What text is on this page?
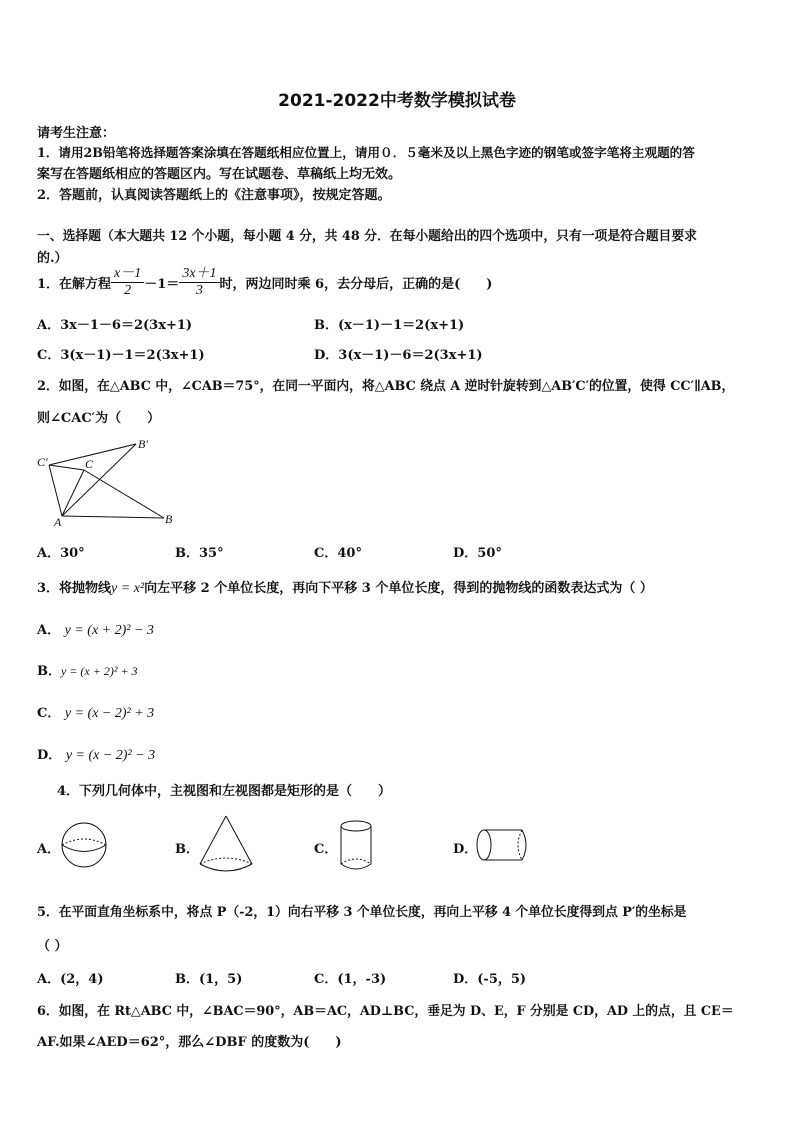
2021-2022中考数学模拟试卷
请考生注意：
1．请用2B铅笔将选择题答案涂填在答题纸相应位置上，请用０．５毫米及以上黑色字迹的钢笔或签字笔将主观题的答
案写在答题纸相应的答题区内。写在试题卷、草稿纸上均无效。
2．答题前，认真阅读答题纸上的《注意事项》，按规定答题。
一、选择题（本大题共 12 个小题，每小题 4 分，共 48 分．在每小题给出的四个选项中，只有一项是符合题目要求
的.）
1．在解方程 $\frac{x-1}{2} -1= \frac{3x+1}{3}$ 时，两边同时乘 6，去分母后，正确的是(　　)
A．3x－1－6＝2(3x+1)	B．(x－1)－1＝2(x+1)
C．3(x－1)－1＝2(3x+1)	D．3(x－1)－6＝2(3x+1)
2．如图，在△ABC 中，∠CAB＝75°，在同一平面内，将△ABC 绕点 A 逆时针旋转到△AB′C′的位置，使得 CC′∥AB，
则∠CAC′为（　　）
C′	C
B′
A	B
A．30°	B．35°	C．40°	D．50°
3．将抛物线y = x²向左平移 2 个单位长度，再向下平移 3 个单位长度，得到的抛物线的函数表达式为（ ）
A． y = (x + 2)² − 3
B．y = (x + 2)² + 3
C． y = (x − 2)² + 3
D． y = (x − 2)² − 3
4．下列几何体中，主视图和左视图都是矩形的是（　　）
A．	B．	C．	D．
5．在平面直角坐标系中，将点 P（-2，1）向右平移 3 个单位长度，再向上平移 4 个单位长度得到点 P′的坐标是
（ ）
A．(2，4)	B．(1，5)	C．(1，-3)	D．(-5，5)
6．如图，在 Rt△ABC 中，∠BAC＝90°，AB＝AC，AD⊥BC，垂足为 D、E，F 分别是 CD，AD 上的点，且 CE＝
AF.如果∠AED＝62°，那么∠DBF 的度数为(　　)
